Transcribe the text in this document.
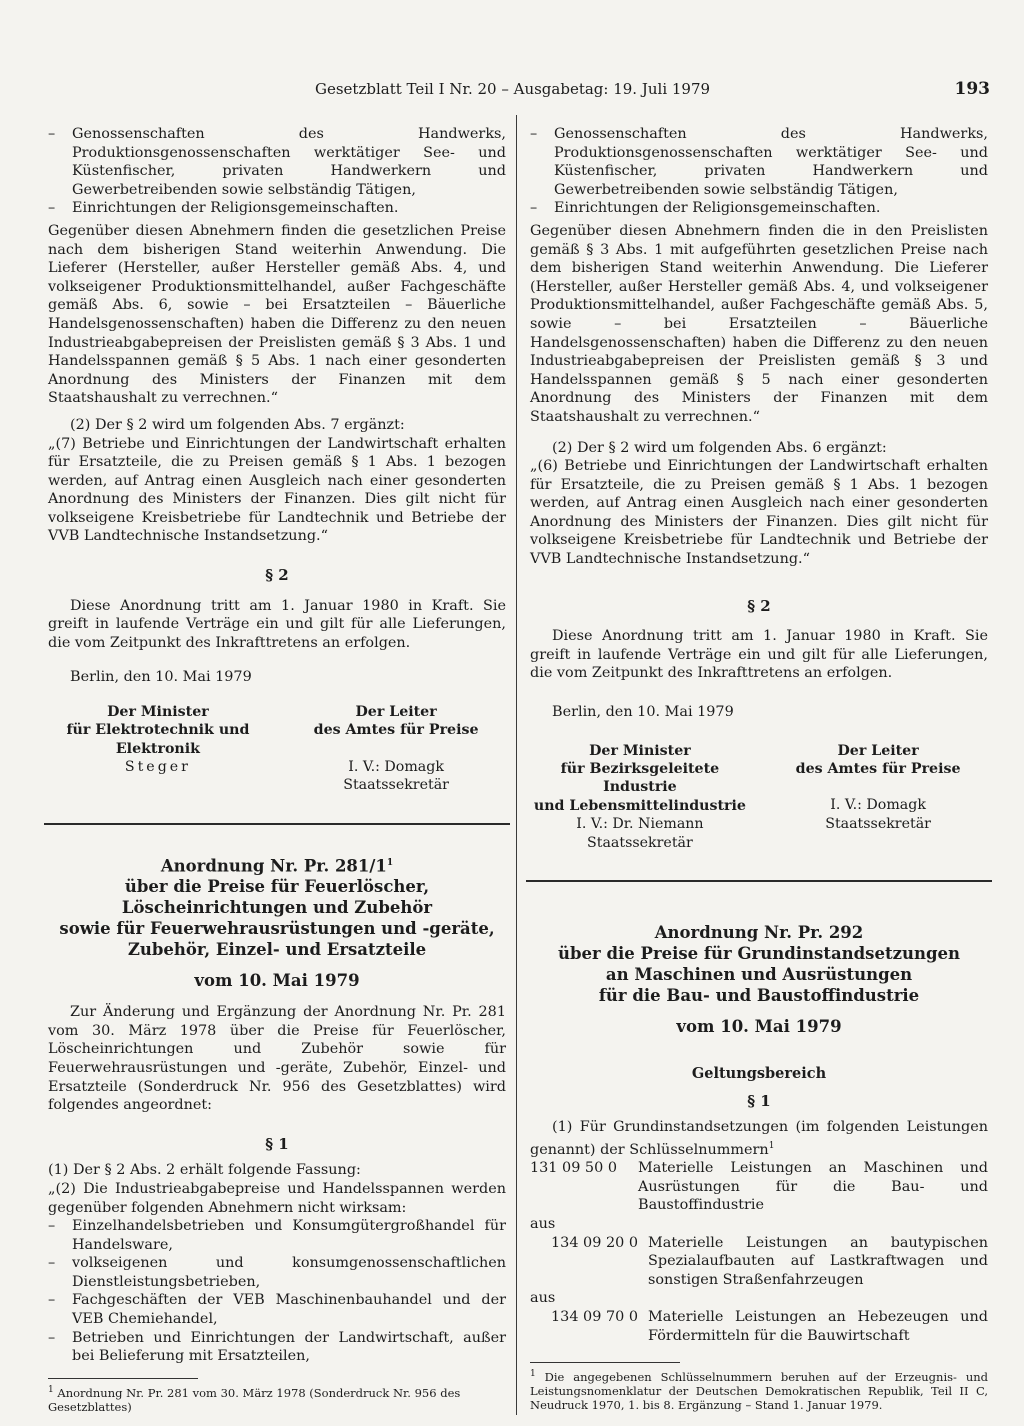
Gesetzblatt Teil I Nr. 20 – Ausgabetag: 19. Juli 1979	193
–	Genossenschaften des Handwerks, Produktionsgenossenschaften werktätiger See- und Küstenfischer, privaten Handwerkern und Gewerbetreibenden sowie selbständig Tätigen,
–	Einrichtungen der Religionsgemeinschaften.

Gegenüber diesen Abnehmern finden die gesetzlichen Preise nach dem bisherigen Stand weiterhin Anwendung. Die Lieferer (Hersteller, außer Hersteller gemäß Abs. 4, und volkseigener Produktionsmittelhandel, außer Fachgeschäfte gemäß Abs. 6, sowie – bei Ersatzteilen – Bäuerliche Handelsgenossenschaften) haben die Differenz zu den neuen Industrieabgabepreisen der Preislisten gemäß § 3 Abs. 1 und Handelsspannen gemäß § 5 Abs. 1 nach einer gesonderten Anordnung des Ministers der Finanzen mit dem Staatshaushalt zu verrechnen.“

(2) Der § 2 wird um folgenden Abs. 7 ergänzt:

„(7) Betriebe und Einrichtungen der Landwirtschaft erhalten für Ersatzteile, die zu Preisen gemäß § 1 Abs. 1 bezogen werden, auf Antrag einen Ausgleich nach einer gesonderten Anordnung des Ministers der Finanzen. Dies gilt nicht für volkseigene Kreisbetriebe für Landtechnik und Betriebe der VVB Landtechnische Instandsetzung.“

§ 2

Diese Anordnung tritt am 1. Januar 1980 in Kraft. Sie greift in laufende Verträge ein und gilt für alle Lieferungen, die vom Zeitpunkt des Inkrafttretens an erfolgen.

Berlin, den 10. Mai 1979

Der Minister
für Elektrotechnik und
Elektronik
Steger
Der Leiter
des Amtes für Preise
I. V.: Domagk
Staatssekretär
Anordnung Nr. Pr. $281/1^1$
über die Preise für Feuerlöscher,
Löscheinrichtungen und Zubehör
sowie für Feuerwehrausrüstungen und -geräte,
Zubehör, Einzel- und Ersatzteile
vom 10. Mai 1979

Zur Änderung und Ergänzung der Anordnung Nr. Pr. 281 vom 30. März 1978 über die Preise für Feuerlöscher, Löscheinrichtungen und Zubehör sowie für Feuerwehrausrüstungen und -geräte, Zubehör, Einzel- und Ersatzteile (Sonderdruck Nr. 956 des Gesetzblattes) wird folgendes angeordnet:

§ 1

(1) Der § 2 Abs. 2 erhält folgende Fassung:

„(2) Die Industrieabgabepreise und Handelsspannen werden gegenüber folgenden Abnehmern nicht wirksam:

–	Einzelhandelsbetrieben und Konsumgütergroßhandel für Handelsware,
–	volkseigenen und konsumgenossenschaftlichen Dienstleistungsbetrieben,
–	Fachgeschäften der VEB Maschinenbauhandel und der VEB Chemiehandel,
–	Betrieben und Einrichtungen der Landwirtschaft, außer bei Belieferung mit Ersatzteilen,
$^1$ Anordnung Nr. Pr. 281 vom 30. März 1978 (Sonderdruck Nr. 956 des Gesetzblattes)
–	Genossenschaften des Handwerks, Produktionsgenossenschaften werktätiger See- und Küstenfischer, privaten Handwerkern und Gewerbetreibenden sowie selbständig Tätigen,
–	Einrichtungen der Religionsgemeinschaften.

Gegenüber diesen Abnehmern finden die in den Preislisten gemäß § 3 Abs. 1 mit aufgeführten gesetzlichen Preise nach dem bisherigen Stand weiterhin Anwendung. Die Lieferer (Hersteller, außer Hersteller gemäß Abs. 4, und volkseigener Produktionsmittelhandel, außer Fachgeschäfte gemäß Abs. 5, sowie – bei Ersatzteilen – Bäuerliche Handelsgenossenschaften) haben die Differenz zu den neuen Industrieabgabepreisen der Preislisten gemäß § 3 und Handelsspannen gemäß § 5 nach einer gesonderten Anordnung des Ministers der Finanzen mit dem Staatshaushalt zu verrechnen.“

(2) Der § 2 wird um folgenden Abs. 6 ergänzt:

„(6) Betriebe und Einrichtungen der Landwirtschaft erhalten für Ersatzteile, die zu Preisen gemäß § 1 Abs. 1 bezogen werden, auf Antrag einen Ausgleich nach einer gesonderten Anordnung des Ministers der Finanzen. Dies gilt nicht für volkseigene Kreisbetriebe für Landtechnik und Betriebe der VVB Landtechnische Instandsetzung.“

§ 2

Diese Anordnung tritt am 1. Januar 1980 in Kraft. Sie greift in laufende Verträge ein und gilt für alle Lieferungen, die vom Zeitpunkt des Inkrafttretens an erfolgen.

Berlin, den 10. Mai 1979

Der Minister
für Bezirksgeleitete Industrie
und Lebensmittelindustrie
I. V.: Dr. Niemann
Staatssekretär
Der Leiter
des Amtes für Preise
I. V.: Domagk
Staatssekretär
Anordnung Nr. Pr. 292
über die Preise für Grundinstandsetzungen
an Maschinen und Ausrüstungen
für die Bau- und Baustoffindustrie
vom 10. Mai 1979
Geltungsbereich
§ 1

(1) Für Grundinstandsetzungen (im folgenden Leistungen genannt) der Schlüsselnummern$^1$

131 09 50 0	Materielle Leistungen an Maschinen und Ausrüstungen für die Bau- und Baustoffindustrie
aus
134 09 20 0 Materielle Leistungen an bautypischen Spezialaufbauten auf Lastkraftwagen und sonstigen Straßenfahrzeugen
aus
134 09 70 0 Materielle Leistungen an Hebezeugen und Fördermitteln für die Bauwirtschaft
$^1$ Die angegebenen Schlüsselnummern beruhen auf der Erzeugnis- und Leistungsnomenklatur der Deutschen Demokratischen Republik, Teil II C, Neudruck 1970, 1. bis 8. Ergänzung – Stand 1. Januar 1979.
